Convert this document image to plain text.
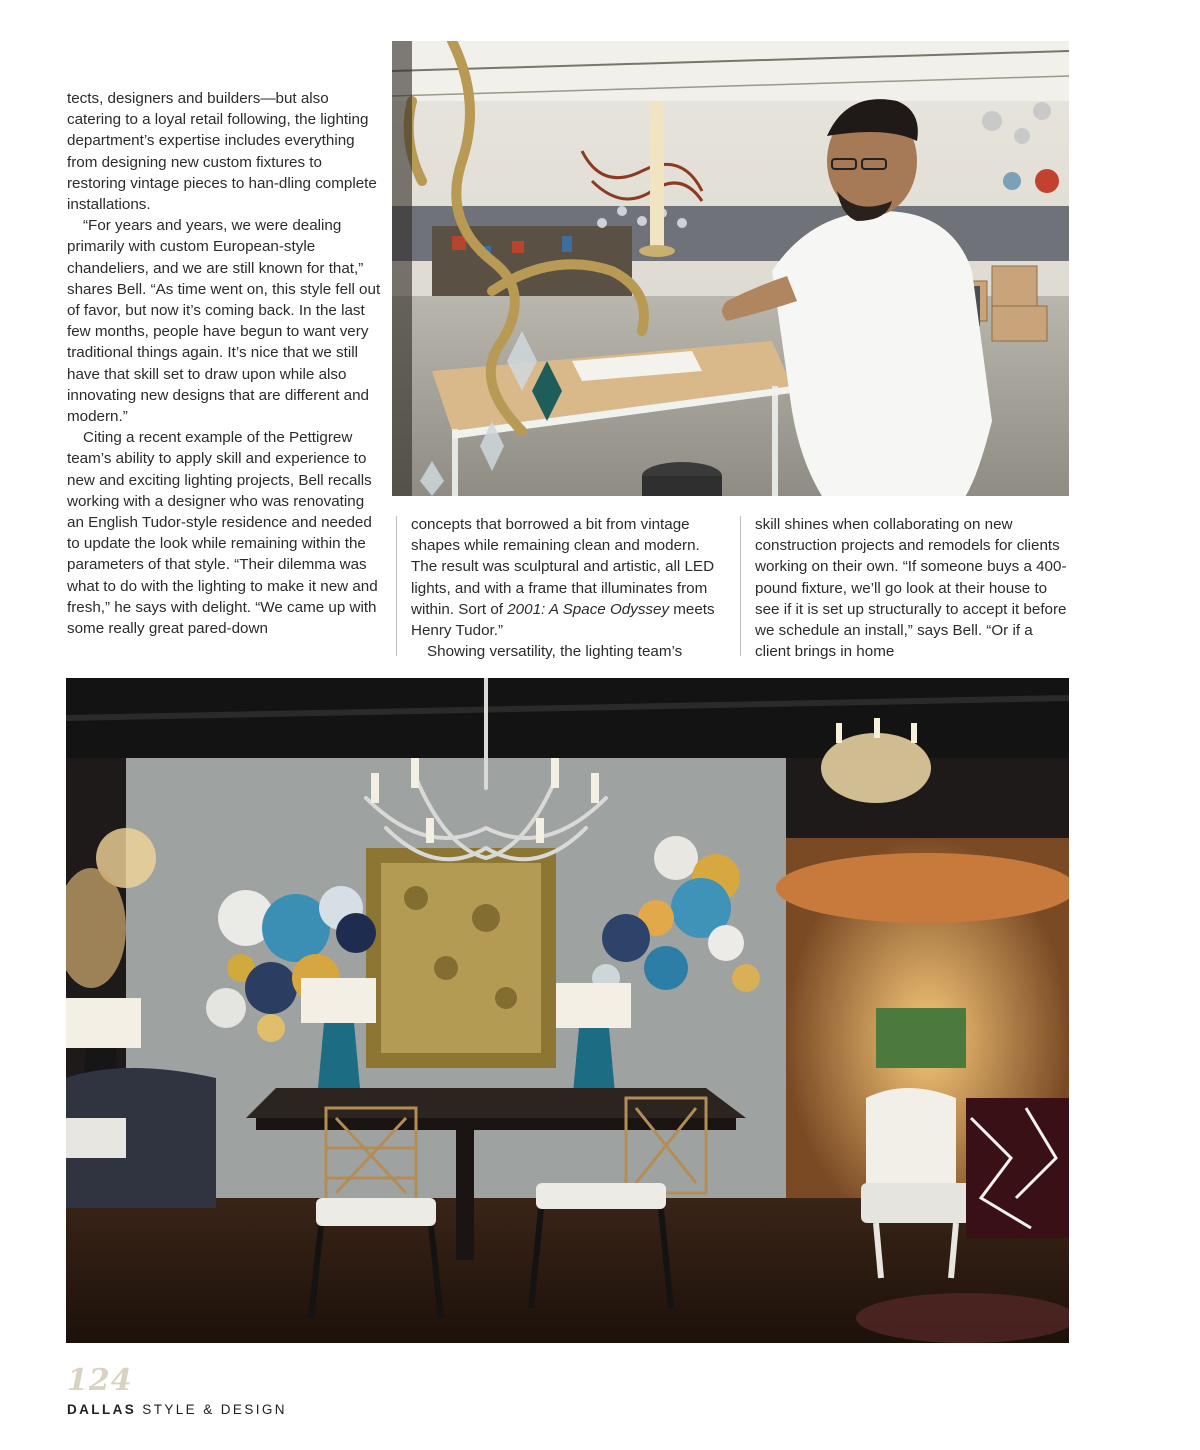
tects, designers and builders—but also catering to a loyal retail following, the lighting department’s expertise includes everything from designing new custom fixtures to restoring vintage pieces to han-dling complete installations.

“For years and years, we were dealing primarily with custom European-style chandeliers, and we are still known for that,” shares Bell. “As time went on, this style fell out of favor, but now it’s coming back. In the last few months, people have begun to want very traditional things again. It’s nice that we still have that skill set to draw upon while also innovating new designs that are different and modern.”

Citing a recent example of the Pettigrew team’s ability to apply skill and experience to new and exciting lighting projects, Bell recalls working with a designer who was renovating an English Tudor-style residence and needed to update the look while remaining within the parameters of that style. “Their dilemma was what to do with the lighting to make it new and fresh,” he says with delight. “We came up with some really great pared-down

concepts that borrowed a bit from vintage shapes while remaining clean and modern. The result was sculptural and artistic, all LED lights, and with a frame that illuminates from within. Sort of 2001: A Space Odyssey meets Henry Tudor.”

Showing versatility, the lighting team’s

skill shines when collaborating on new construction projects and remodels for clients working on their own. “If someone buys a 400-pound fixture, we’ll go look at their house to see if it is set up structurally to accept it before we schedule an install,” says Bell. “Or if a client brings in home

124
DALLAS STYLE & DESIGN
